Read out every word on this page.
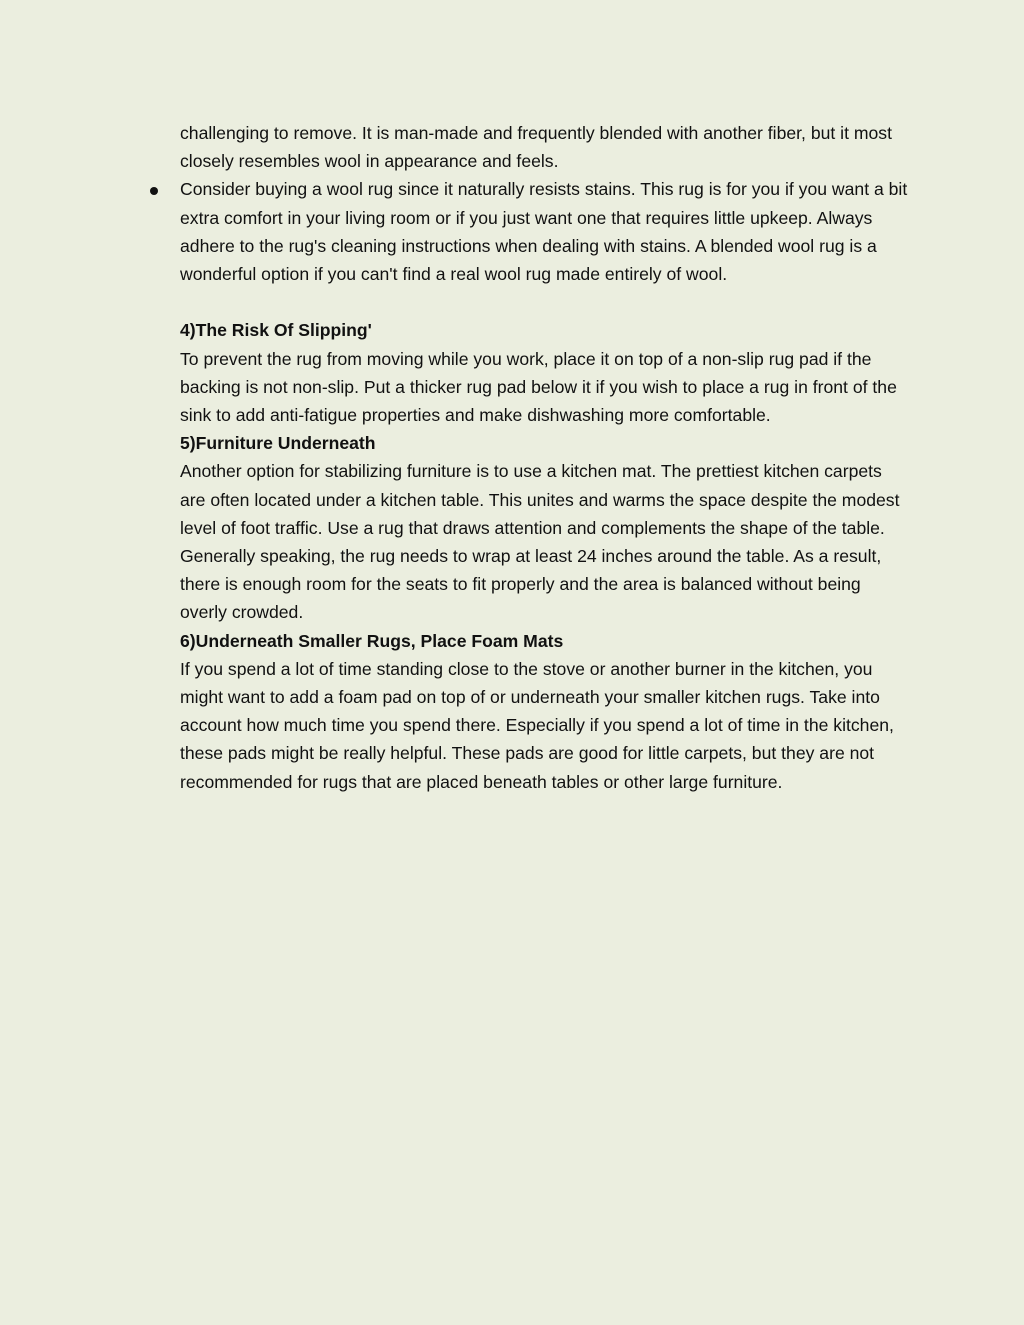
challenging to remove. It is man-made and frequently blended with another fiber, but it most closely resembles wool in appearance and feels.

Consider buying a wool rug since it naturally resists stains. This rug is for you if you want a bit extra comfort in your living room or if you just want one that requires little upkeep. Always adhere to the rug's cleaning instructions when dealing with stains. A blended wool rug is a wonderful option if you can't find a real wool rug made entirely of wool.

4)The Risk Of Slipping'

To prevent the rug from moving while you work, place it on top of a non-slip rug pad if the backing is not non-slip. Put a thicker rug pad below it if you wish to place a rug in front of the sink to add anti-fatigue properties and make dishwashing more comfortable.

5)Furniture Underneath

Another option for stabilizing furniture is to use a kitchen mat. The prettiest kitchen carpets are often located under a kitchen table. This unites and warms the space despite the modest level of foot traffic. Use a rug that draws attention and complements the shape of the table. Generally speaking, the rug needs to wrap at least 24 inches around the table. As a result, there is enough room for the seats to fit properly and the area is balanced without being overly crowded.

6)Underneath Smaller Rugs, Place Foam Mats

If you spend a lot of time standing close to the stove or another burner in the kitchen, you might want to add a foam pad on top of or underneath your smaller kitchen rugs. Take into account how much time you spend there. Especially if you spend a lot of time in the kitchen, these pads might be really helpful. These pads are good for little carpets, but they are not recommended for rugs that are placed beneath tables or other large furniture.
